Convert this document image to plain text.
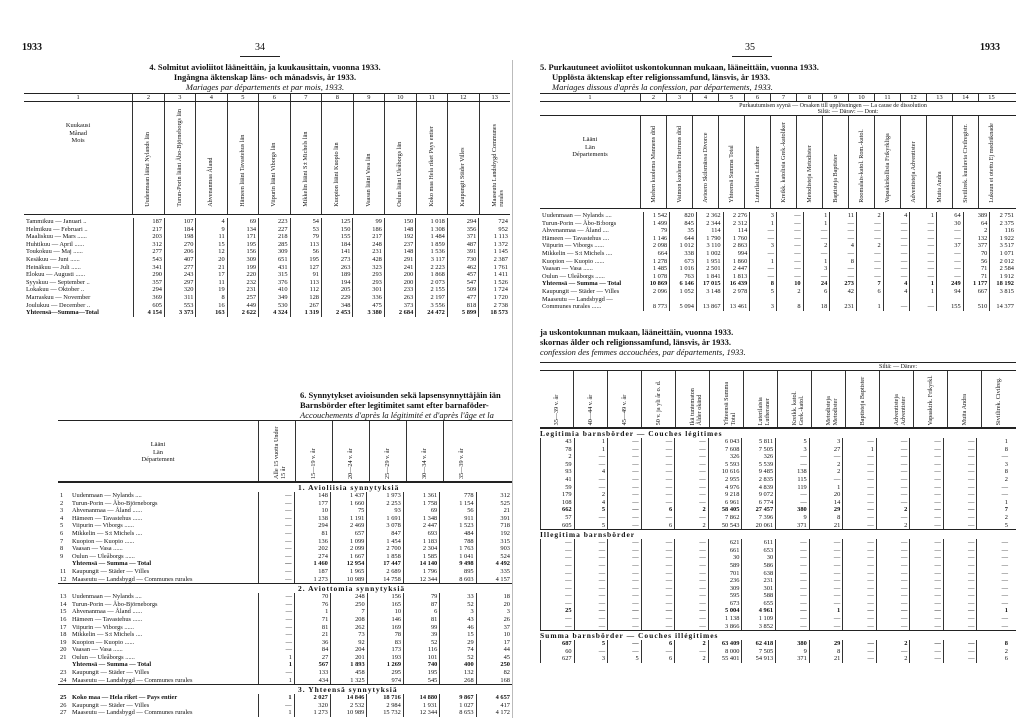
1933	34	35	1933
4. Solmitut avioliitot lääneittäin, ja kuukausittain, vuonna 1933.
Ingångna äktenskap läns- och månadsvis, år 1933.
Mariages par départements et par mois, 1933.
1	2	3	4	5	6	7	8	9	10	11	12	13
Kuukausi
Månad
Mois	Uudenmaan lääni Nylands län	Turun-Porin lääni Åbo-Björneborgs län	Ahvenanmaa Åland	Hämeen lääni Tavastehus län	Viipurin lääni Viborgs län	Mikkelin lääni S:t Michels län	Kuopion lääni Kuopio län	Vaasan lääni Vasa län	Oulun lääni Uleåborgs län	Koko maa Hela riket Pays entier	Kaupungit Städer Villes	Maaseutu Landsbygd Communes rurales
Tammikuu — Januari ..	187	107	4	69	223	54	125	99	150	1 018	294	724
Helmikuu — Februari ..	217	184	9	134	227	53	150	186	148	1 308	356	952
Maaliskuu — Mars ......	203	198	11	171	218	79	155	217	192	1 484	371	1 113
Huhtikuu — April ......	312	270	15	195	285	113	184	248	237	1 859	487	1 372
Toukokuu — Maj ......	277	206	12	156	309	56	141	231	148	1 536	391	1 145
Kesäkuu — Juni ......	543	407	20	309	651	195	273	428	291	3 117	730	2 387
Heinäkuu — Juli ......	341	277	21	199	431	127	263	323	241	2 223	462	1 761
Elokuu — Augusti ......	290	243	17	220	315	91	189	293	200	1 868	457	1 411
Syyskuu — September ..	357	297	11	232	376	113	194	293	200	2 073	547	1 526
Lokakuu — Oktober ..	294	320	19	231	410	112	205	301	233	2 155	509	1 724
Marraskuu — November	369	311	8	257	349	128	229	336	263	2 197	477	1 720
Joulukuu — December ..	605	553	16	449	530	267	348	475	373	3 556	818	2 738
Yhteensä—Summa—Total	4 154	3 373	163	2 622	4 324	1 319	2 453	3 380	2 684	24 472	5 899	18 573
6. Synnytykset avioisunden sekä lapsensynnyttäjäin iän
Barnsbörder efter legitimitet samt efter barnaföder-
Accouchements d'après la légitimité et d'après l'âge et la
Lääni
Län
Département	Alle 15 vuotta Under 15 år	15—19 v. år	20—24 v. år	25—29 v. år	30—34 v. år	35—39 v. år
1. Avioliisia synnytyksiä
1	Uudenmaan — Nylands ....	—	148	1 437	1 973	1 361	778	312
2	Turun-Porin — Åbo-Björneborgs	—	177	1 660	2 253	1 758	1 154	525
3	Ahvenanmaa — Åland ......	—	10	75	93	69	56	21
4	Hämeen — Tavastehus ......	—	138	1 191	1 691	1 348	911	391
5	Viipurin — Viborgs ......	—	294	2 469	3 078	2 447	1 523	718
6	Mikkelin — S:t Michels ....	—	81	657	847	693	484	192
7	Kuopion — Kuopio ......	—	136	1 099	1 454	1 183	788	315
8	Vaasan — Vasa ......	—	202	2 099	2 700	2 304	1 763	903
9	Oulun — Uleåborgs ......	—	274	1 667	1 858	1 585	1 041	524
	Yhteensä — Summa — Total	—	1 460	12 954	17 447	14 140	9 498	4 492
11	Kaupungit — Städer — Villes	—	187	1 965	2 689	1 796	895	335
12	Maaseutu — Landsbygd — Communes rurales	—	1 273	10 989	14 758	12 344	8 603	4 157
2. Aviottomia synnytyksiä
13	Uudenmaan — Nylands ....	—	70	248	156	79	33	18
14	Turun-Porin — Åbo-Björneborgs	—	76	250	165	87	52	20
15	Ahvenanmaa — Åland ......	—	1	7	10	6	3	3
16	Hämeen — Tavastehus ......	—	71	208	146	81	43	26
17	Viipurin — Viborgs ......	—	81	262	169	99	46	37
18	Mikkelin — S:t Michels ....	—	21	73	78	39	15	10
19	Kuopion — Kuopio ......	—	36	92	83	52	29	17
20	Vaasan — Vasa ......	—	84	204	173	116	74	44
21	Oulun — Uleåborgs ......	1	27	201	193	101	52	45
	Yhteensä — Summa — Total	1	567	1 893	1 269	740	400	250
23	Kaupungit — Städer — Villes	—	133	458	295	195	132	82
24	Maaseutu — Landsbygd — Communes rurales	1	434	1 325	974	545	268	168
3. Yhteensä synnytyksiä
25	Koko maa — Hela riket — Pays entier	1	2 027	14 846	18 716	14 880	9 867	4 657
26	Kaupungit — Städer — Villes	—	320	2 532	2 984	1 931	1 027	417
27	Maaseutu — Landsbygd — Communes rurales	1	1 273	10 989	15 732	12 344	8 653	4 172
5. Purkautuneet avioliitot uskontokunnan mukaan, lääneittäin, vuonna 1933.
Upplösta äktenskap efter religionssamfund, länsvis, år 1933.
Mariages dissous d'après la confession, par départements, 1933.
1	2	3	4	5	6	7	8	9	10	11	12	13	14	15
Purkautumisen syynä — Orsaken till upplösningen — La cause de dissolution
Siltä: — Därav: — Dont:
Lääni
Län
Départements	Miehen kuolema Mannens död	Vaimon kuolema Hustruns död	Avioero Skilsmässa Divorce	Yhteensä Summa Total	Luterilaisia Lutheraner	Kreikk. katolisia Grek.-katoliker	Metodisteja Metodister	Baptisteja Baptister	Roomalais-katol. Rom.-katol.	Vapaakirkollisia Frikyrkliga	Adventisteja Adventister	Muita Andra	Siviilirek. kuuluvia Civilregistr.	Lukuun ei otettu Ej medräknade
Uudenmaan — Nylands ....	1 542	820	2 362	2 276	3	—	1	11	2	4	1	64	389	2 751
Turun-Porin — Åbo-B:borgs	1 499	845	2 344	2 312	1	—	1	—	—	—	—	30	64	2 375
Ahvenanmaa — Åland ....	79	35	114	114	—	—	—	—	—	—	—	—	2	116
Hämeen — Tavastehus ....	1 146	644	1 790	1 760	—	—	—	—	—	—	—	—	132	1 922
Viipurin — Viborgs ......	2 098	1 012	3 110	2 863	3	—	2	4	2	—	—	37	377	3 517
Mikkelin — S:t Michels ....	664	338	1 002	994	—	—	—	—	—	—	—	—	70	1 071
Kuopion — Kuopio ......	1 278	673	1 951	1 860	1	—	1	8	—	—	—	—	56	2 012
Vaasan — Vasa ......	1 485	1 016	2 501	2 447	—	—	3	—	—	—	—	—	71	2 584
Oulun — Uleåborgs ......	1 078	763	1 841	1 813	—	—	—	—	—	—	—	—	71	1 912
Yhteensä — Summa — Total	10 869	6 146	17 015	16 439	8	10	24	273	7	4	1	249	1 177	18 192
Kaupungit — Städer — Villes	2 096	1 052	3 148	2 978	5	2	6	42	6	4	1	94	667	3 815
Maaseutu — Landsbygd —														
Communes rurales ......	8 773	5 094	13 867	13 461	3	8	18	231	1	—	—	155	510	14 377
ja uskontokunnan mukaan, lääneittäin, vuonna 1933.
skornas ålder och religionssamfund, länsvis, år 1933.
confession des femmes accouchées, par départements, 1933.
Siltä: — Därav:
35—39 v. år	40—44 v. år	45—49 v. år	50 v. ja yli år o. d.	Ikä tuntematon Ålder okänd	Yhteensä Summa Total	Luterilaisia Lutheraner	Kreikk. katol. Grek.-katol.	Metodisteja Metodister	Baptisteja Baptister	Adventisteja Adventister	Vapaakirk. Frikyrkl.	Muita Andra	Siviilirek. Civilreg.
Legitimia barnsbörder — Couches légitimes
43	1	—	—	—	6 043	5 811	5	3	—	—	—	—	1
78	1	—	—	—	7 608	7 505	3	27	1	—	—	—	8
2	—	—	—	—	326	326	—	—	—	—	—	—	—
59	—	—	—	—	5 593	5 539	—	2	—	—	—	—	3
93	4	—	—	—	10 616	9 485	138	2	—	—	—	—	8
41	—	—	—	—	2 955	2 835	115	—	—	—	—	—	2
59	—	—	—	—	4 976	4 839	119	1	—	—	—	—	—
179	2	—	—	—	9 218	9 072	—	20	—	—	—	—	—
108	4	—	—	—	6 961	6 774	—	14	—	—	—	—	1
662	5	—	6	2	58 405	27 457	380	29	—	2	—	—	7
57	—	—	—	—	7 862	7 396	9	8	—	—	—	—	2
605	5	—	6	2	50 543	20 061	371	21	—	2	—	—	5
Illegitima barnsbörder
—	—	—	—	—	621	611	—	—	—	—	—	—	—
—	—	—	—	—	661	653	—	—	—	—	—	—	—
—	—	—	—	—	30	30	—	—	—	—	—	—	—
—	—	—	—	—	589	586	—	—	—	—	—	—	—
—	—	—	—	—	701	638	—	—	—	—	—	—	—
—	—	—	—	—	236	231	—	—	—	—	—	—	—
—	—	—	—	—	309	301	—	—	—	—	—	—	—
—	—	—	—	—	595	588	—	—	—	—	—	—	—
—	—	—	—	—	673	655	—	—	—	—	—	—	—
25	—	—	—	—	5 004	4 961	—	1	—	—	—	—	1
—	—	—	—	—	1 138	1 109	—	—	—	—	—	—	—
—	—	—	—	—	3 866	3 852	—	—	—	—	—	—	—
Summa barnsbörder — Couches illégitimes
687	5	—	6	2	63 409	62 418	380	29	—	2	—	—	8
60	—	—	—	—	8 000	7 505	9	8	—	—	—	—	2
627	3	5	6	2	55 401	54 913	371	21	—	2	—	—	6
